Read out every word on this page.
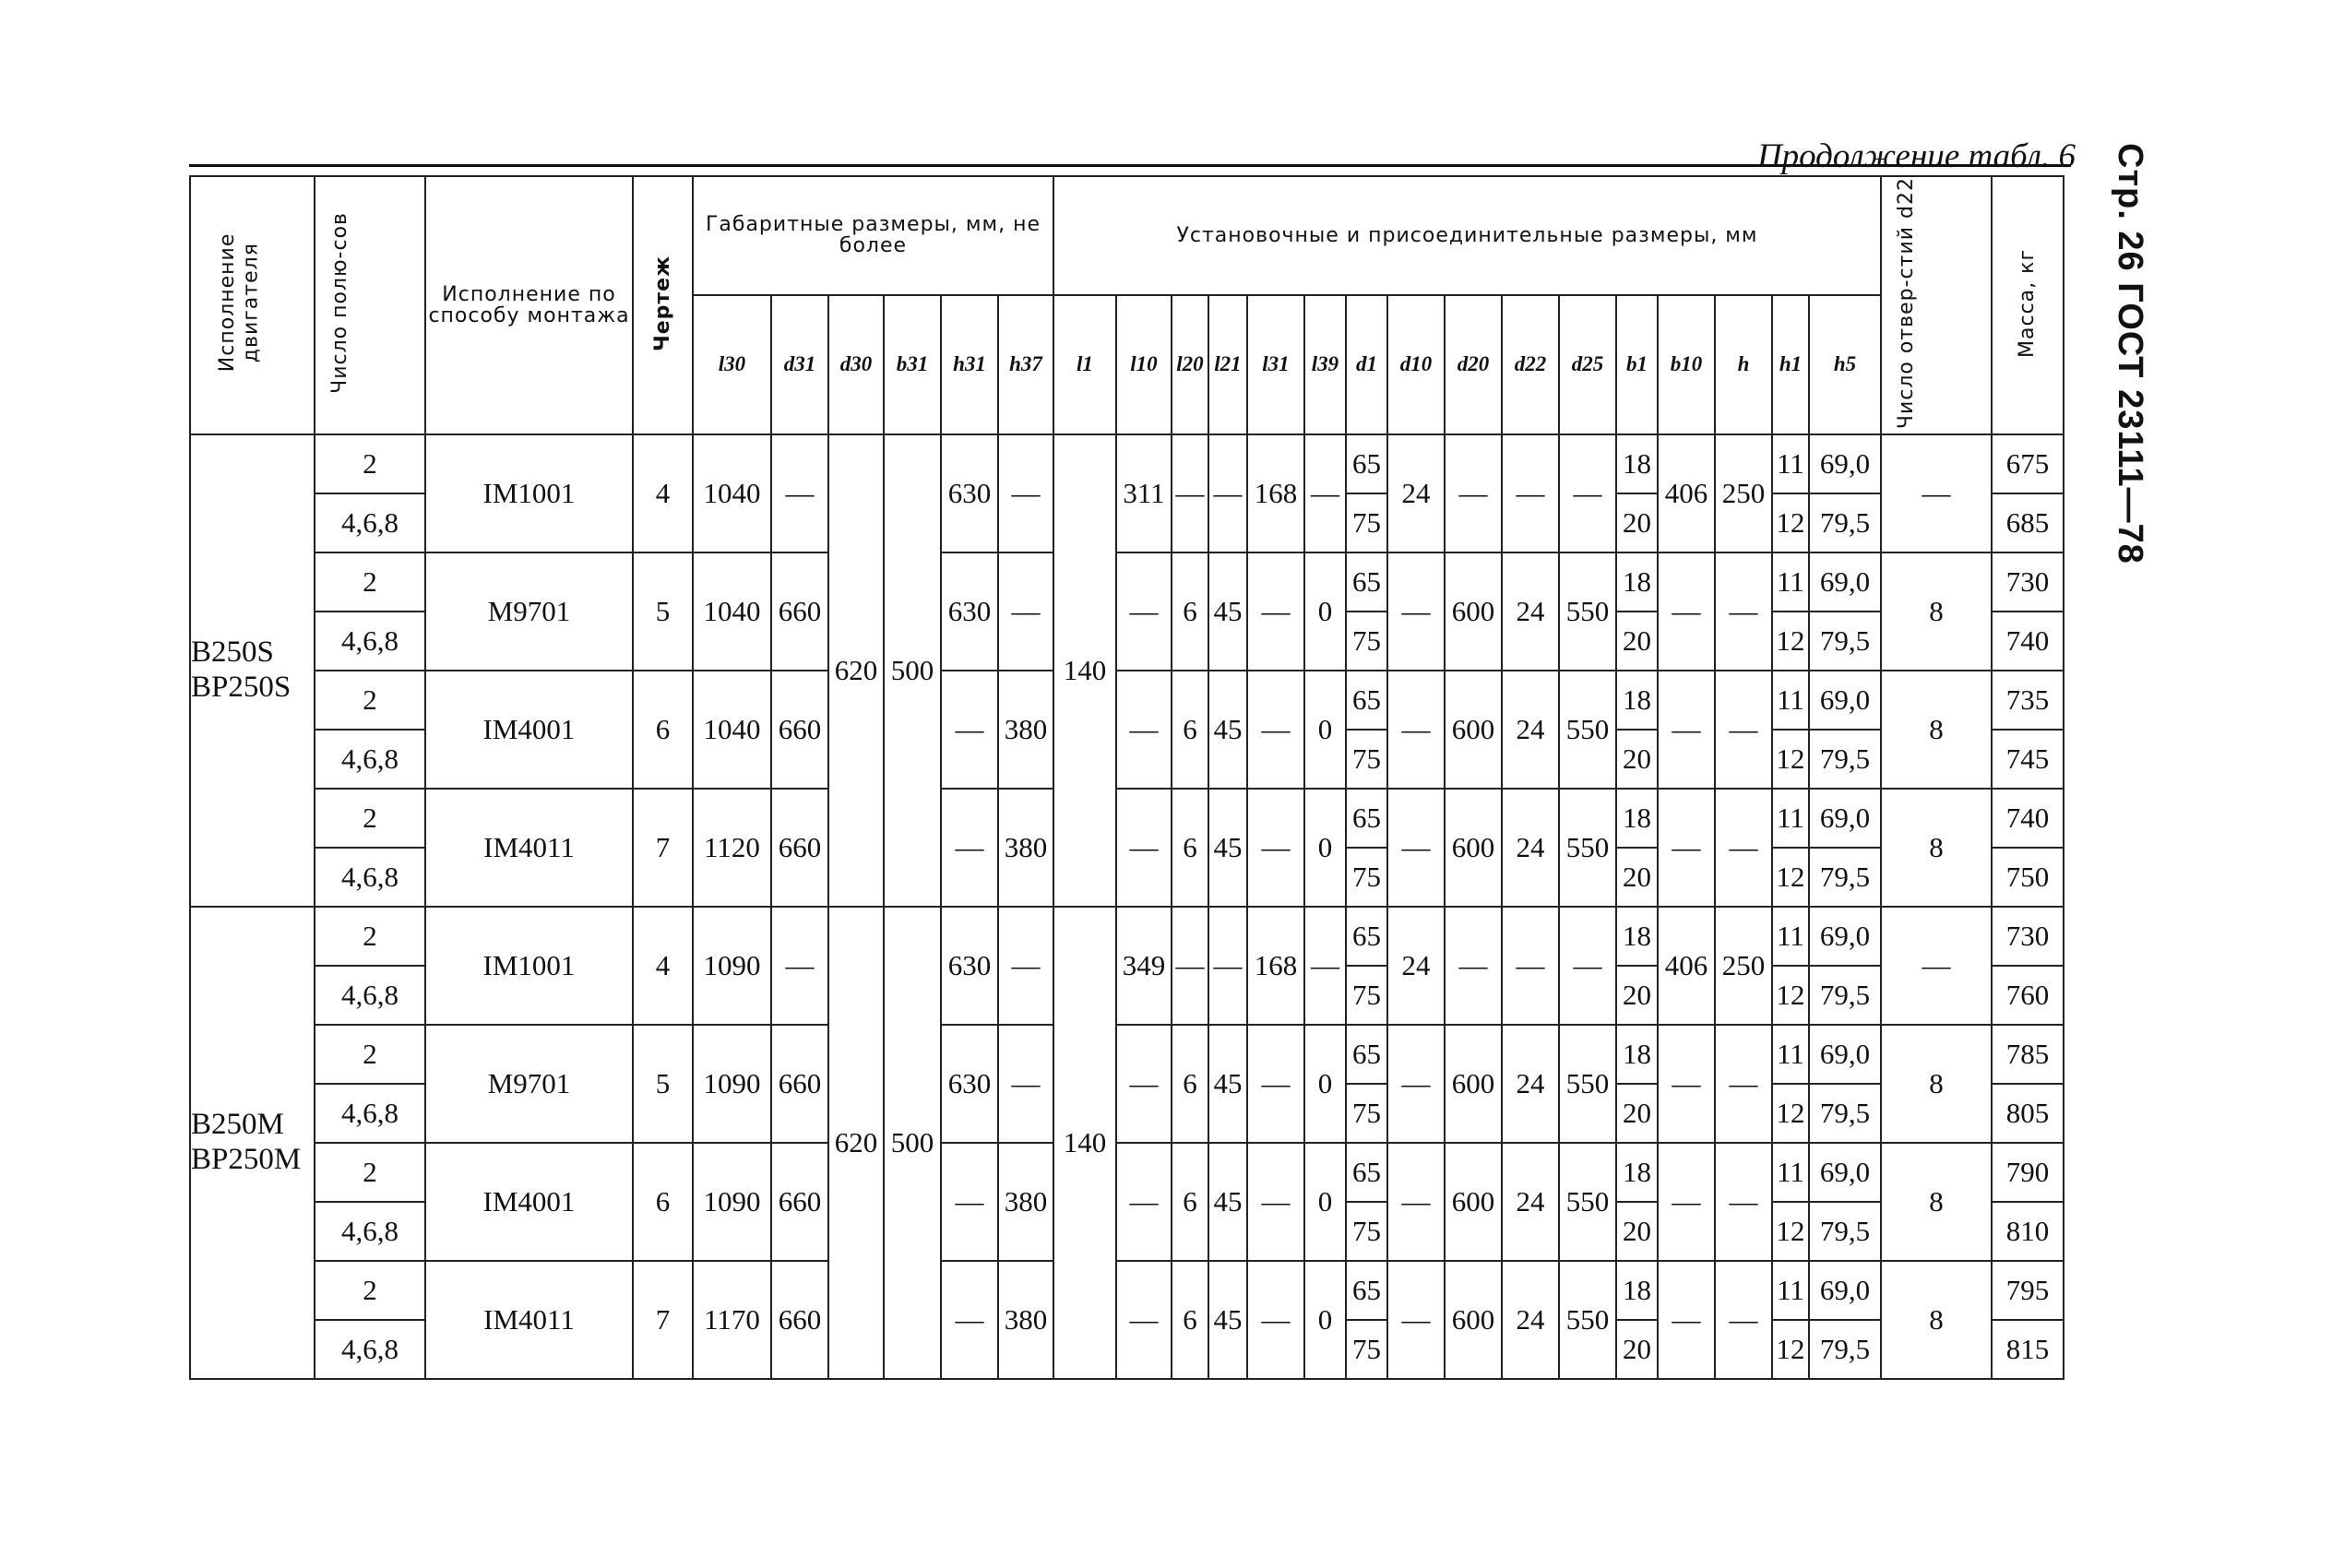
Продолжение табл. 6	Стр. 26 ГОСТ 23111—78
Исполнение двигателя	Число полю-сов	Исполнение по способу монтажа	Чертеж	Габаритные размеры, мм, не более						Установочные и присоединительные размеры, мм																Число отвер-стий d22	Масса, кг
				l30	d31	d30	b31	h31	h37	l1	l10	l20	l21	l31	l39	d1	d10	d20	d22	d25	b1	b10	h	h1	h5		
B250S
BP250S	2	IM1001	4	1040	—	620	500	630	—	140	311	—	—	168	—	65	24	—	—	—	18	406	250	11	69,0	—	675
	4,6,8															75					20			12	79,5		685
	2	M9701	5	1040	660			630	—		—	6	45	—	0	65	—	600	24	550	18	—	—	11	69,0	8	730
	4,6,8															75					20			12	79,5		740
	2	IM4001	6	1040	660			—	380		—	6	45	—	0	65	—	600	24	550	18	—	—	11	69,0	8	735
	4,6,8															75					20			12	79,5		745
	2	IM4011	7	1120	660			—	380		—	6	45	—	0	65	—	600	24	550	18	—	—	11	69,0	8	740
	4,6,8															75					20			12	79,5		750
B250M
BP250M	2	IM1001	4	1090	—	620	500	630	—	140	349	—	—	168	—	65	24	—	—	—	18	406	250	11	69,0	—	730
	4,6,8															75					20			12	79,5		760
	2	M9701	5	1090	660			630	—		—	6	45	—	0	65	—	600	24	550	18	—	—	11	69,0	8	785
	4,6,8															75					20			12	79,5		805
	2	IM4001	6	1090	660			—	380		—	6	45	—	0	65	—	600	24	550	18	—	—	11	69,0	8	790
	4,6,8															75					20			12	79,5		810
	2	IM4011	7	1170	660			—	380		—	6	45	—	0	65	—	600	24	550	18	—	—	11	69,0	8	795
	4,6,8															75					20			12	79,5		815
